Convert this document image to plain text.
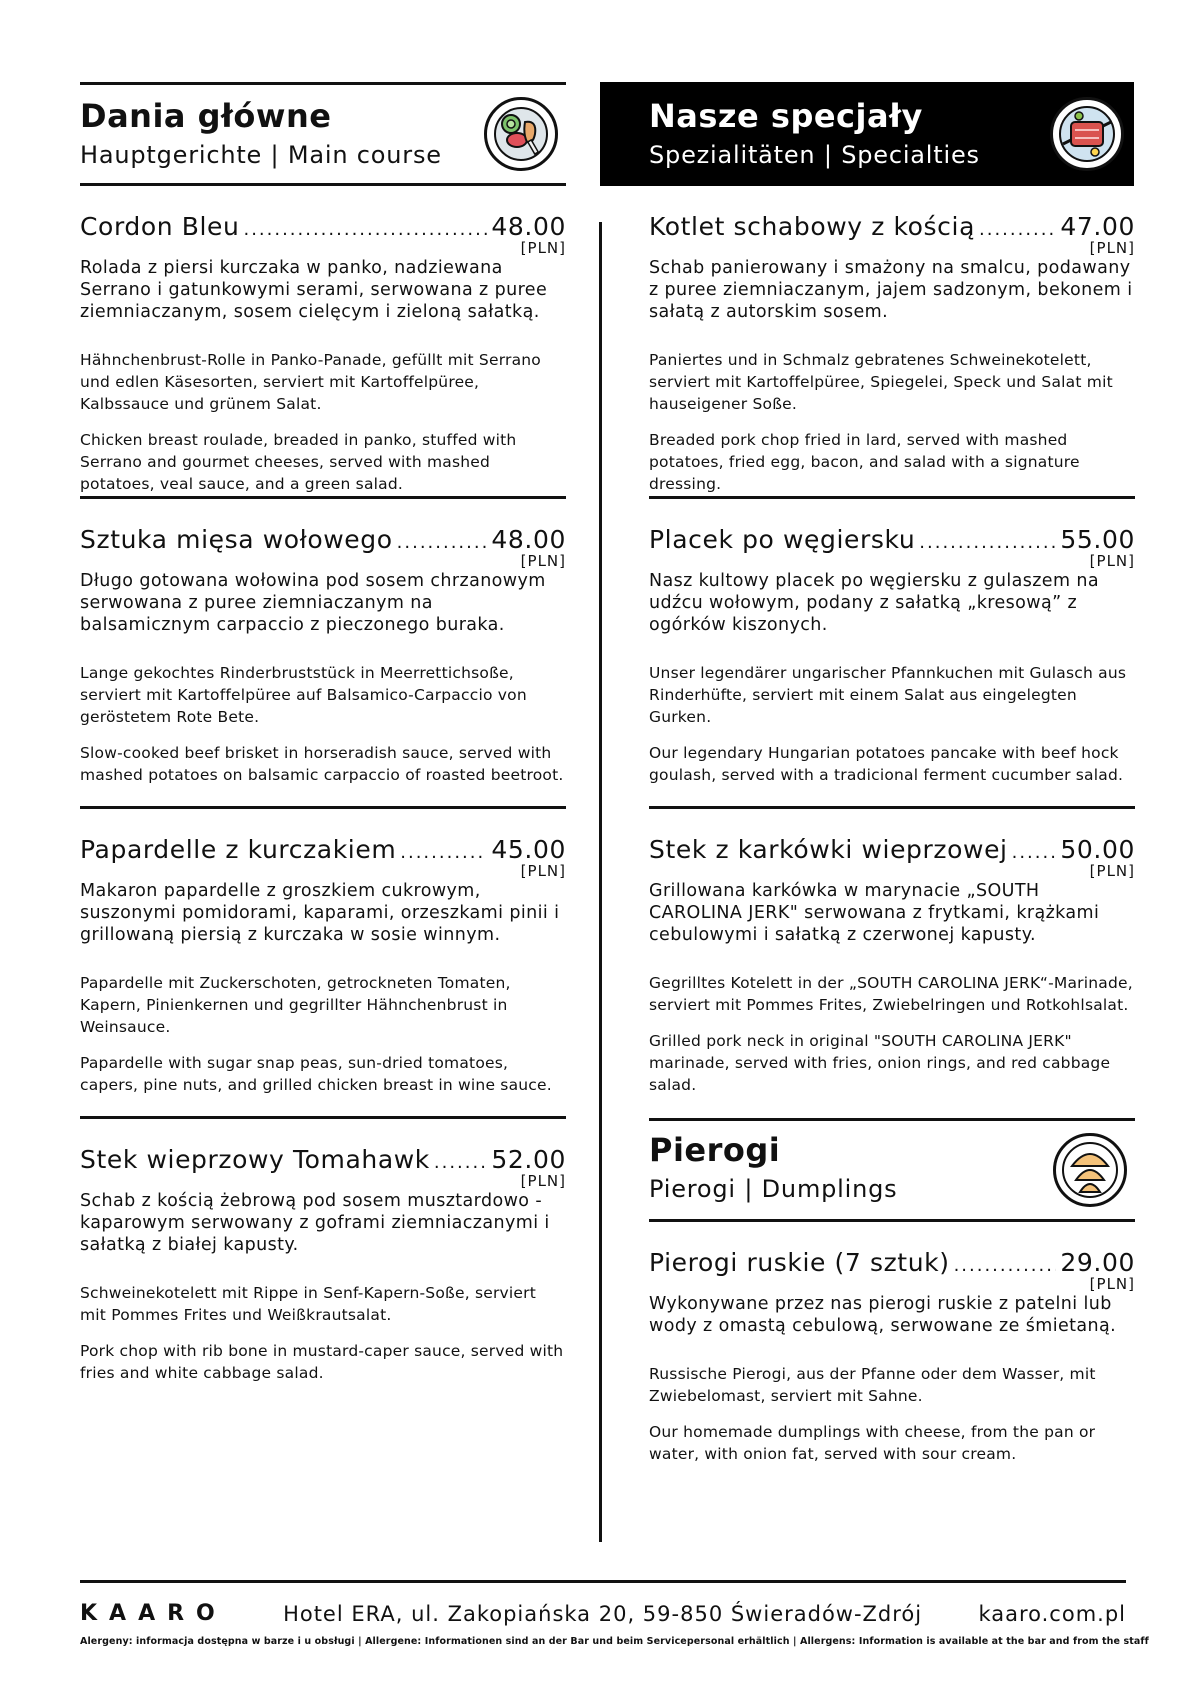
Dania główne
Hauptgerichte | Main course
Cordon Bleu .....	48.00
[PLN]
Rolada z piersi kurczaka w panko, nadziewana Serrano i gatunkowymi serami, serwowana z puree ziemniaczanym, sosem cielęcym i zieloną sałatką.
Hähnchenbrust-Rolle in Panko-Panade, gefüllt mit Serrano und edlen Käsesorten, serviert mit Kartoffelpüree, Kalbssauce und grünem Salat.
Chicken breast roulade, breaded in panko, stuffed with Serrano and gourmet cheeses, served with mashed potatoes, veal sauce, and a green salad.
Sztuka mięsa wołowego .....	48.00
[PLN]
Długo gotowana wołowina pod sosem chrzanowym serwowana z puree ziemniaczanym na balsamicznym carpaccio z pieczonego buraka.
Lange gekochtes Rinderbruststück in Meerrettichsoße, serviert mit Kartoffelpüree auf Balsamico-Carpaccio von geröstetem Rote Bete.
Slow-cooked beef brisket in horseradish sauce, served with mashed potatoes on balsamic carpaccio of roasted beetroot.
Papardelle z kurczakiem .....	45.00
[PLN]
Makaron papardelle z groszkiem cukrowym, suszonymi pomidorami, kaparami, orzeszkami pinii i grillowaną piersią z kurczaka w sosie winnym.
Papardelle mit Zuckerschoten, getrockneten Tomaten, Kapern, Pinienkernen und gegrillter Hähnchenbrust in Weinsauce.
Papardelle with sugar snap peas, sun-dried tomatoes, capers, pine nuts, and grilled chicken breast in wine sauce.
Stek wieprzowy Tomahawk ..... 52.00
[PLN]
Schab z kością żebrową pod sosem musztardowo - kaparowym serwowany z goframi ziemniaczanymi i sałatką z białej kapusty.
Schweinekotelett mit Rippe in Senf-Kapern-Soße, serviert mit Pommes Frites und Weißkrautsalat.
Pork chop with rib bone in mustard-caper sauce, served with fries and white cabbage salad.
Nasze specjały
Spezialitäten | Specialties
Kotlet schabowy z kością .....	47.00
[PLN]
Schab panierowany i smażony na smalcu, podawany z puree ziemniaczanym, jajem sadzonym, bekonem i sałatą z autorskim sosem.
Paniertes und in Schmalz gebratenes Schweinekotelett, serviert mit Kartoffelpüree, Spiegelei, Speck und Salat mit hauseigener Soße.
Breaded pork chop fried in lard, served with mashed potatoes, fried egg, bacon, and salad with a signature dressing.
Placek po węgiersku .....	55.00
[PLN]
Nasz kultowy placek po węgiersku z gulaszem na udźcu wołowym, podany z sałatką „kresową” z ogórków kiszonych.
Unser legendärer ungarischer Pfannkuchen mit Gulasch aus Rinderhüfte, serviert mit einem Salat aus eingelegten Gurken.
Our legendary Hungarian potatoes pancake with beef hock goulash, served with a tradicional ferment cucumber salad.
Stek z karkówki wieprzowej ..... 50.00
[PLN]
Grillowana karkówka w marynacie „SOUTH CAROLINA JERK" serwowana z frytkami, krążkami cebulowymi i sałatką z czerwonej kapusty.
Gegrilltes Kotelett in der „SOUTH CAROLINA JERK“-Marinade, serviert mit Pommes Frites, Zwiebelringen und Rotkohlsalat.
Grilled pork neck in original "SOUTH CAROLINA JERK" marinade, served with fries, onion rings, and red cabbage salad.
Pierogi
Pierogi | Dumplings
Pierogi ruskie (7 sztuk) .....	29.00
[PLN]
Wykonywane przez nas pierogi ruskie z patelni lub wody z omastą cebulową, serwowane ze śmietaną.
Russische Pierogi, aus der Pfanne oder dem Wasser, mit Zwiebelomast, serviert mit Sahne.
Our homemade dumplings with cheese, from the pan or water, with onion fat, served with sour cream.
KAARO	Hotel ERA, ul. Zakopiańska 20, 59-850 Świeradów-Zdrój	kaaro.com.pl
Alergeny: informacja dostępna w barze i u obsługi | Allergene: Informationen sind an der Bar und beim Servicepersonal erhältlich | Allergens: Information is available at the bar and from the staff
